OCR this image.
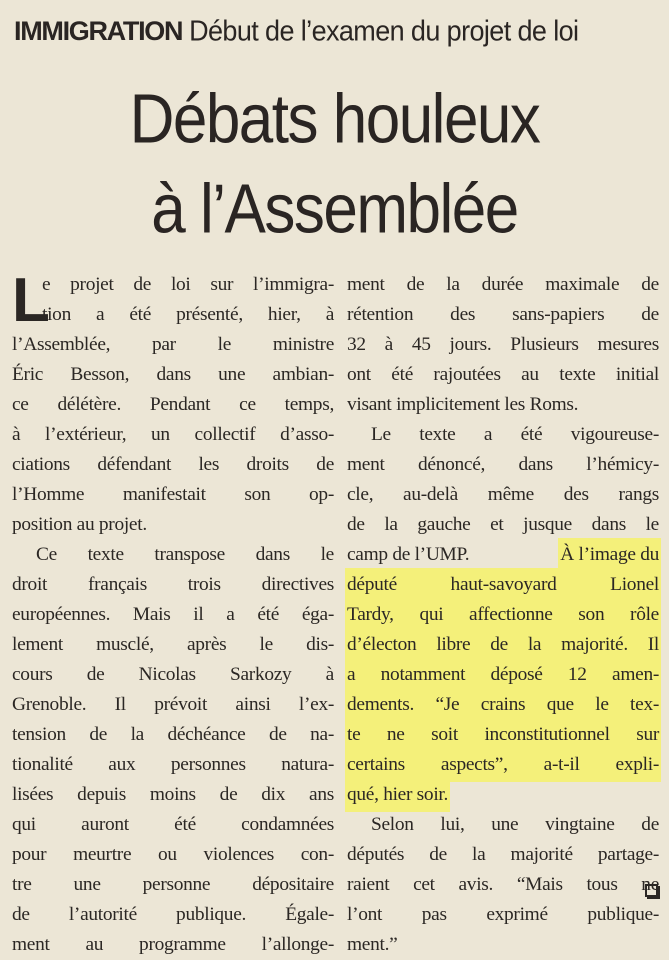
IMMIGRATION Début de l’examen du projet de loi
Débats houleux
à l’Assemblée
L
e projet de loi sur l’immigra-
tion a été présenté, hier, à
l’Assemblée, par le ministre
Éric Besson, dans une ambian-
ce délétère. Pendant ce temps,
à l’extérieur, un collectif d’asso-
ciations défendant les droits de
l’Homme manifestait son op-
position au projet.
Ce texte transpose dans le
droit français trois directives
européennes. Mais il a été éga-
lement musclé, après le dis-
cours de Nicolas Sarkozy à
Grenoble. Il prévoit ainsi l’ex-
tension de la déchéance de na-
tionalité aux personnes natura-
lisées depuis moins de dix ans
qui auront été condamnées
pour meurtre ou violences con-
tre une personne dépositaire
de l’autorité publique. Égale-
ment au programme l’allonge-
ment de la durée maximale de
rétention des sans-papiers de
32 à 45 jours. Plusieurs mesures
ont été rajoutées au texte initial
visant implicitement les Roms.
Le texte a été vigoureuse-
ment dénoncé, dans l’hémicy-
cle, au-delà même des rangs
de la gauche et jusque dans le
camp de l’UMP.	À l’image du
député haut-savoyard Lionel
Tardy, qui affectionne son rôle
d’électon libre de la majorité. Il
a notamment déposé 12 amen-
dements. “Je crains que le tex-
te ne soit inconstitutionnel sur
certains aspects”, a-t-il expli-
qué, hier soir.
Selon lui, une vingtaine de
députés de la majorité partage-
raient cet avis. “Mais tous ne
l’ont pas exprimé publique-
ment.”
